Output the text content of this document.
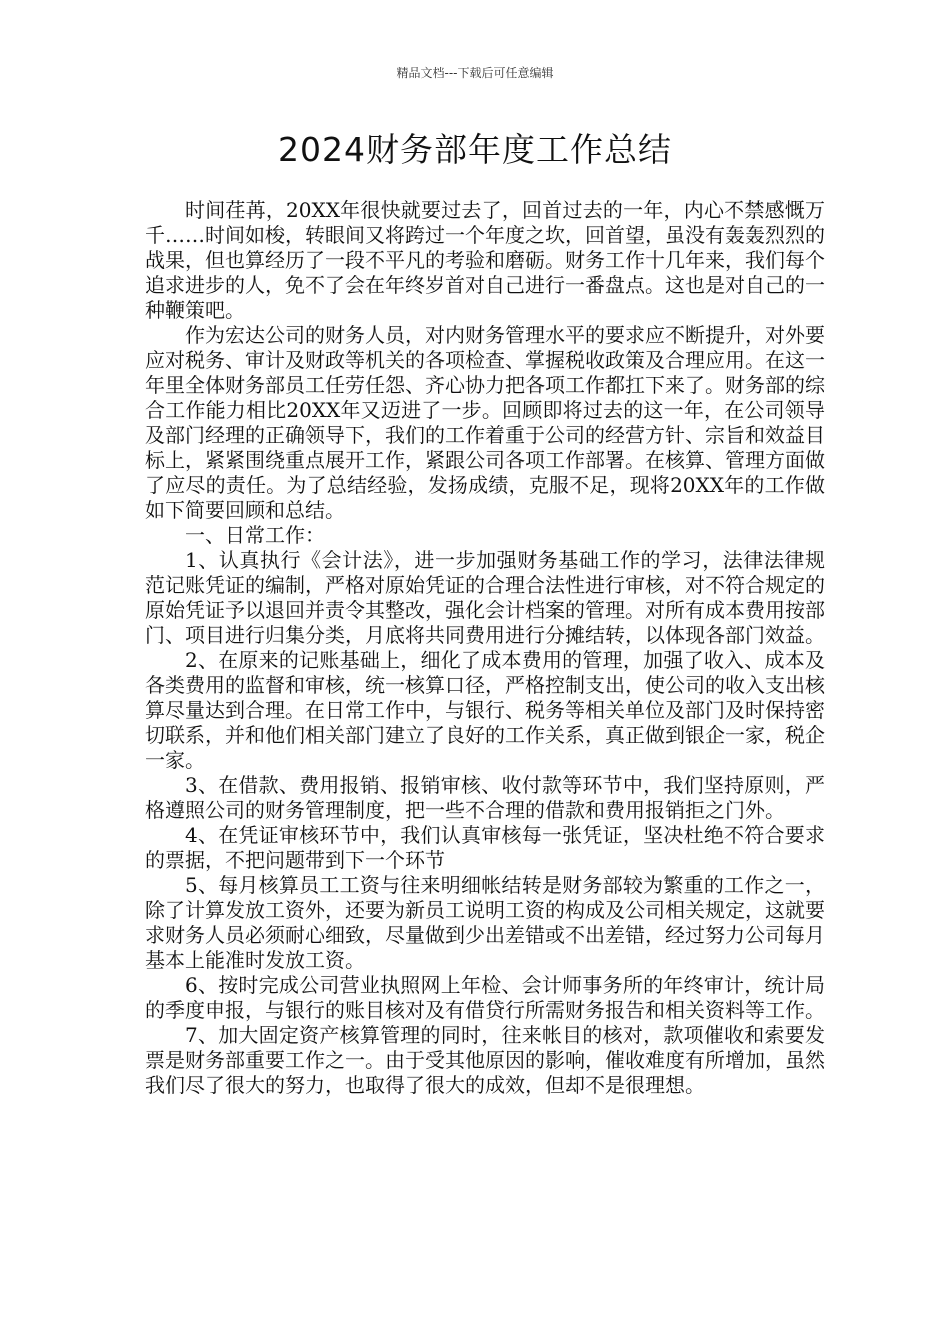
精品文档---下载后可任意编辑
2024财务部年度工作总结

时间荏苒，20XX年很快就要过去了，回首过去的一年，内心不禁感慨万千……时间如梭，转眼间又将跨过一个年度之坎，回首望，虽没有轰轰烈烈的战果，但也算经历了一段不平凡的考验和磨砺。财务工作十几年来，我们每个追求进步的人，免不了会在年终岁首对自己进行一番盘点。这也是对自己的一种鞭策吧。

作为宏达公司的财务人员，对内财务管理水平的要求应不断提升，对外要应对税务、审计及财政等机关的各项检查、掌握税收政策及合理应用。在这一年里全体财务部员工任劳任怨、齐心协力把各项工作都扛下来了。财务部的综合工作能力相比20XX年又迈进了一步。回顾即将过去的这一年，在公司领导及部门经理的正确领导下，我们的工作着重于公司的经营方针、宗旨和效益目标上，紧紧围绕重点展开工作，紧跟公司各项工作部署。在核算、管理方面做了应尽的责任。为了总结经验，发扬成绩，克服不足，现将20XX年的工作做如下简要回顾和总结。

一、日常工作：

1、认真执行《会计法》，进一步加强财务基础工作的学习，法律法律规范记账凭证的编制，严格对原始凭证的合理合法性进行审核，对不符合规定的原始凭证予以退回并责令其整改，强化会计档案的管理。对所有成本费用按部门、项目进行归集分类，月底将共同费用进行分摊结转，以体现各部门效益。

2、在原来的记账基础上，细化了成本费用的管理，加强了收入、成本及各类费用的监督和审核，统一核算口径，严格控制支出，使公司的收入支出核算尽量达到合理。在日常工作中，与银行、税务等相关单位及部门及时保持密切联系，并和他们相关部门建立了良好的工作关系，真正做到银企一家，税企一家。

3、在借款、费用报销、报销审核、收付款等环节中，我们坚持原则，严格遵照公司的财务管理制度，把一些不合理的借款和费用报销拒之门外。

4、在凭证审核环节中，我们认真审核每一张凭证，坚决杜绝不符合要求的票据，不把问题带到下一个环节

5、每月核算员工工资与往来明细帐结转是财务部较为繁重的工作之一，除了计算发放工资外，还要为新员工说明工资的构成及公司相关规定，这就要求财务人员必须耐心细致，尽量做到少出差错或不出差错，经过努力公司每月基本上能准时发放工资。

6、按时完成公司营业执照网上年检、会计师事务所的年终审计，统计局的季度申报，与银行的账目核对及有借贷行所需财务报告和相关资料等工作。

7、加大固定资产核算管理的同时，往来帐目的核对，款项催收和索要发票是财务部重要工作之一。由于受其他原因的影响，催收难度有所增加，虽然我们尽了很大的努力，也取得了很大的成效，但却不是很理想。
